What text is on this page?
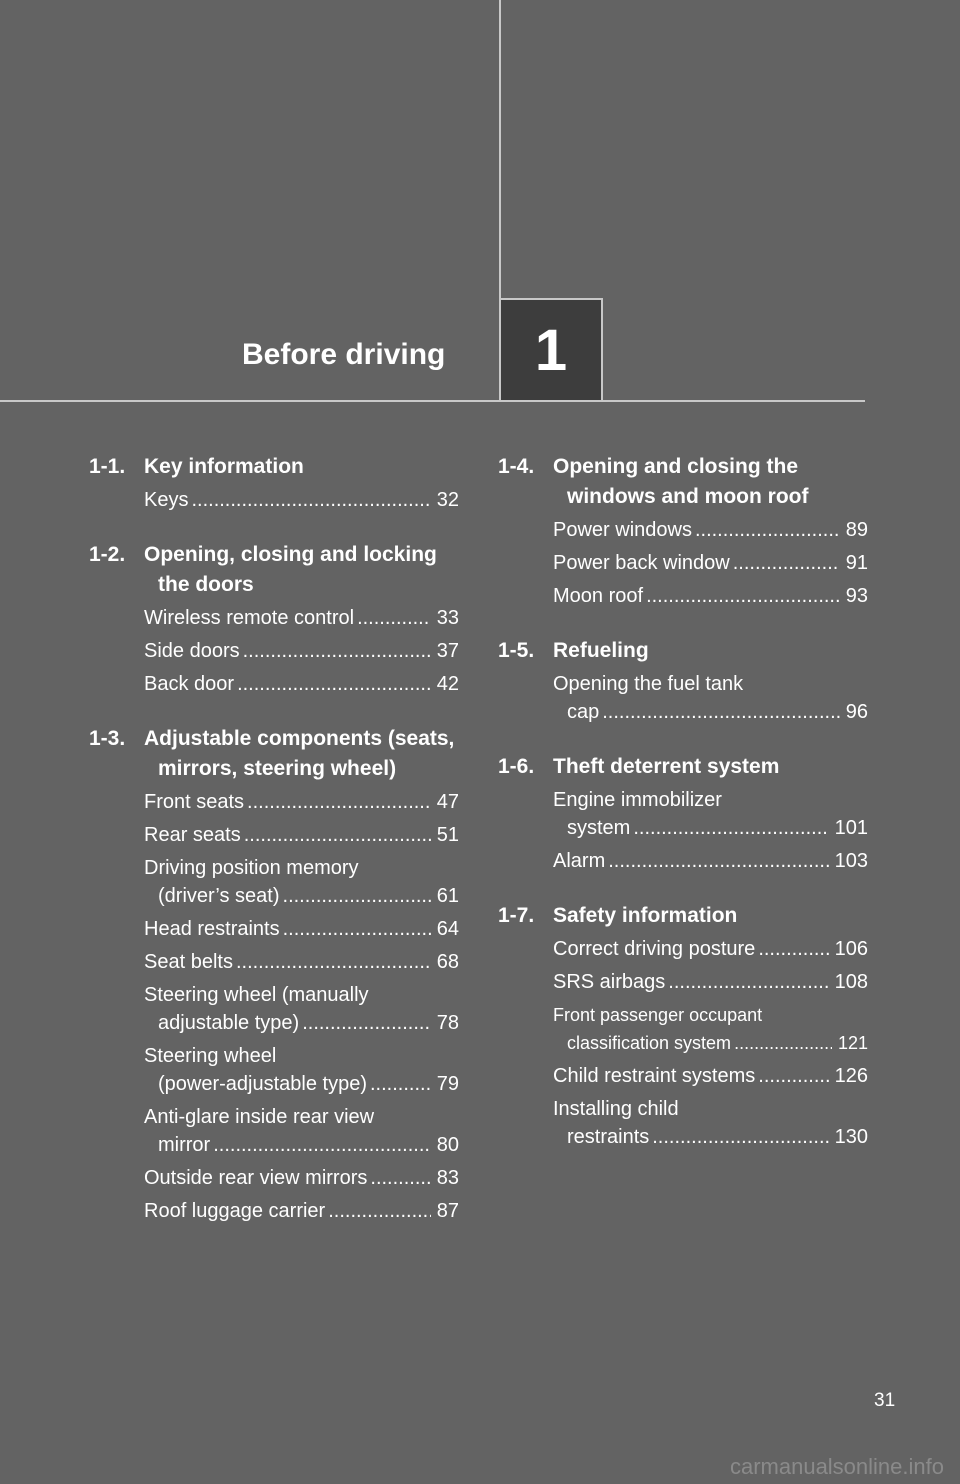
Before driving	1
1-1. Key information
Keys .....	32
1-2. Opening, closing and locking the doors
Wireless remote control .....	33
Side doors .....	37
Back door .....	42
1-3. Adjustable components (seats, mirrors, steering wheel)
Front seats .....	47
Rear seats .....	51
Driving position memory
(driver’s seat) .....	61
Head restraints .....	64
Seat belts .....	68
Steering wheel (manually
adjustable type) .....	78
Steering wheel
(power-adjustable type) .....	79
Anti-glare inside rear view
mirror .....	80
Outside rear view mirrors .....	83
Roof luggage carrier .....	87
1-4. Opening and closing the windows and moon roof
Power windows .....	89
Power back window .....	91
Moon roof .....	93
1-5. Refueling
Opening the fuel tank
cap .....	96
1-6. Theft deterrent system
Engine immobilizer
system .....	101
Alarm .....	103
1-7. Safety information
Correct driving posture .....	106
SRS airbags .....	108
Front passenger occupant
classification system .....	121
Child restraint systems .....	126
Installing child
restraints .....	130
31
carmanualsonline.info
